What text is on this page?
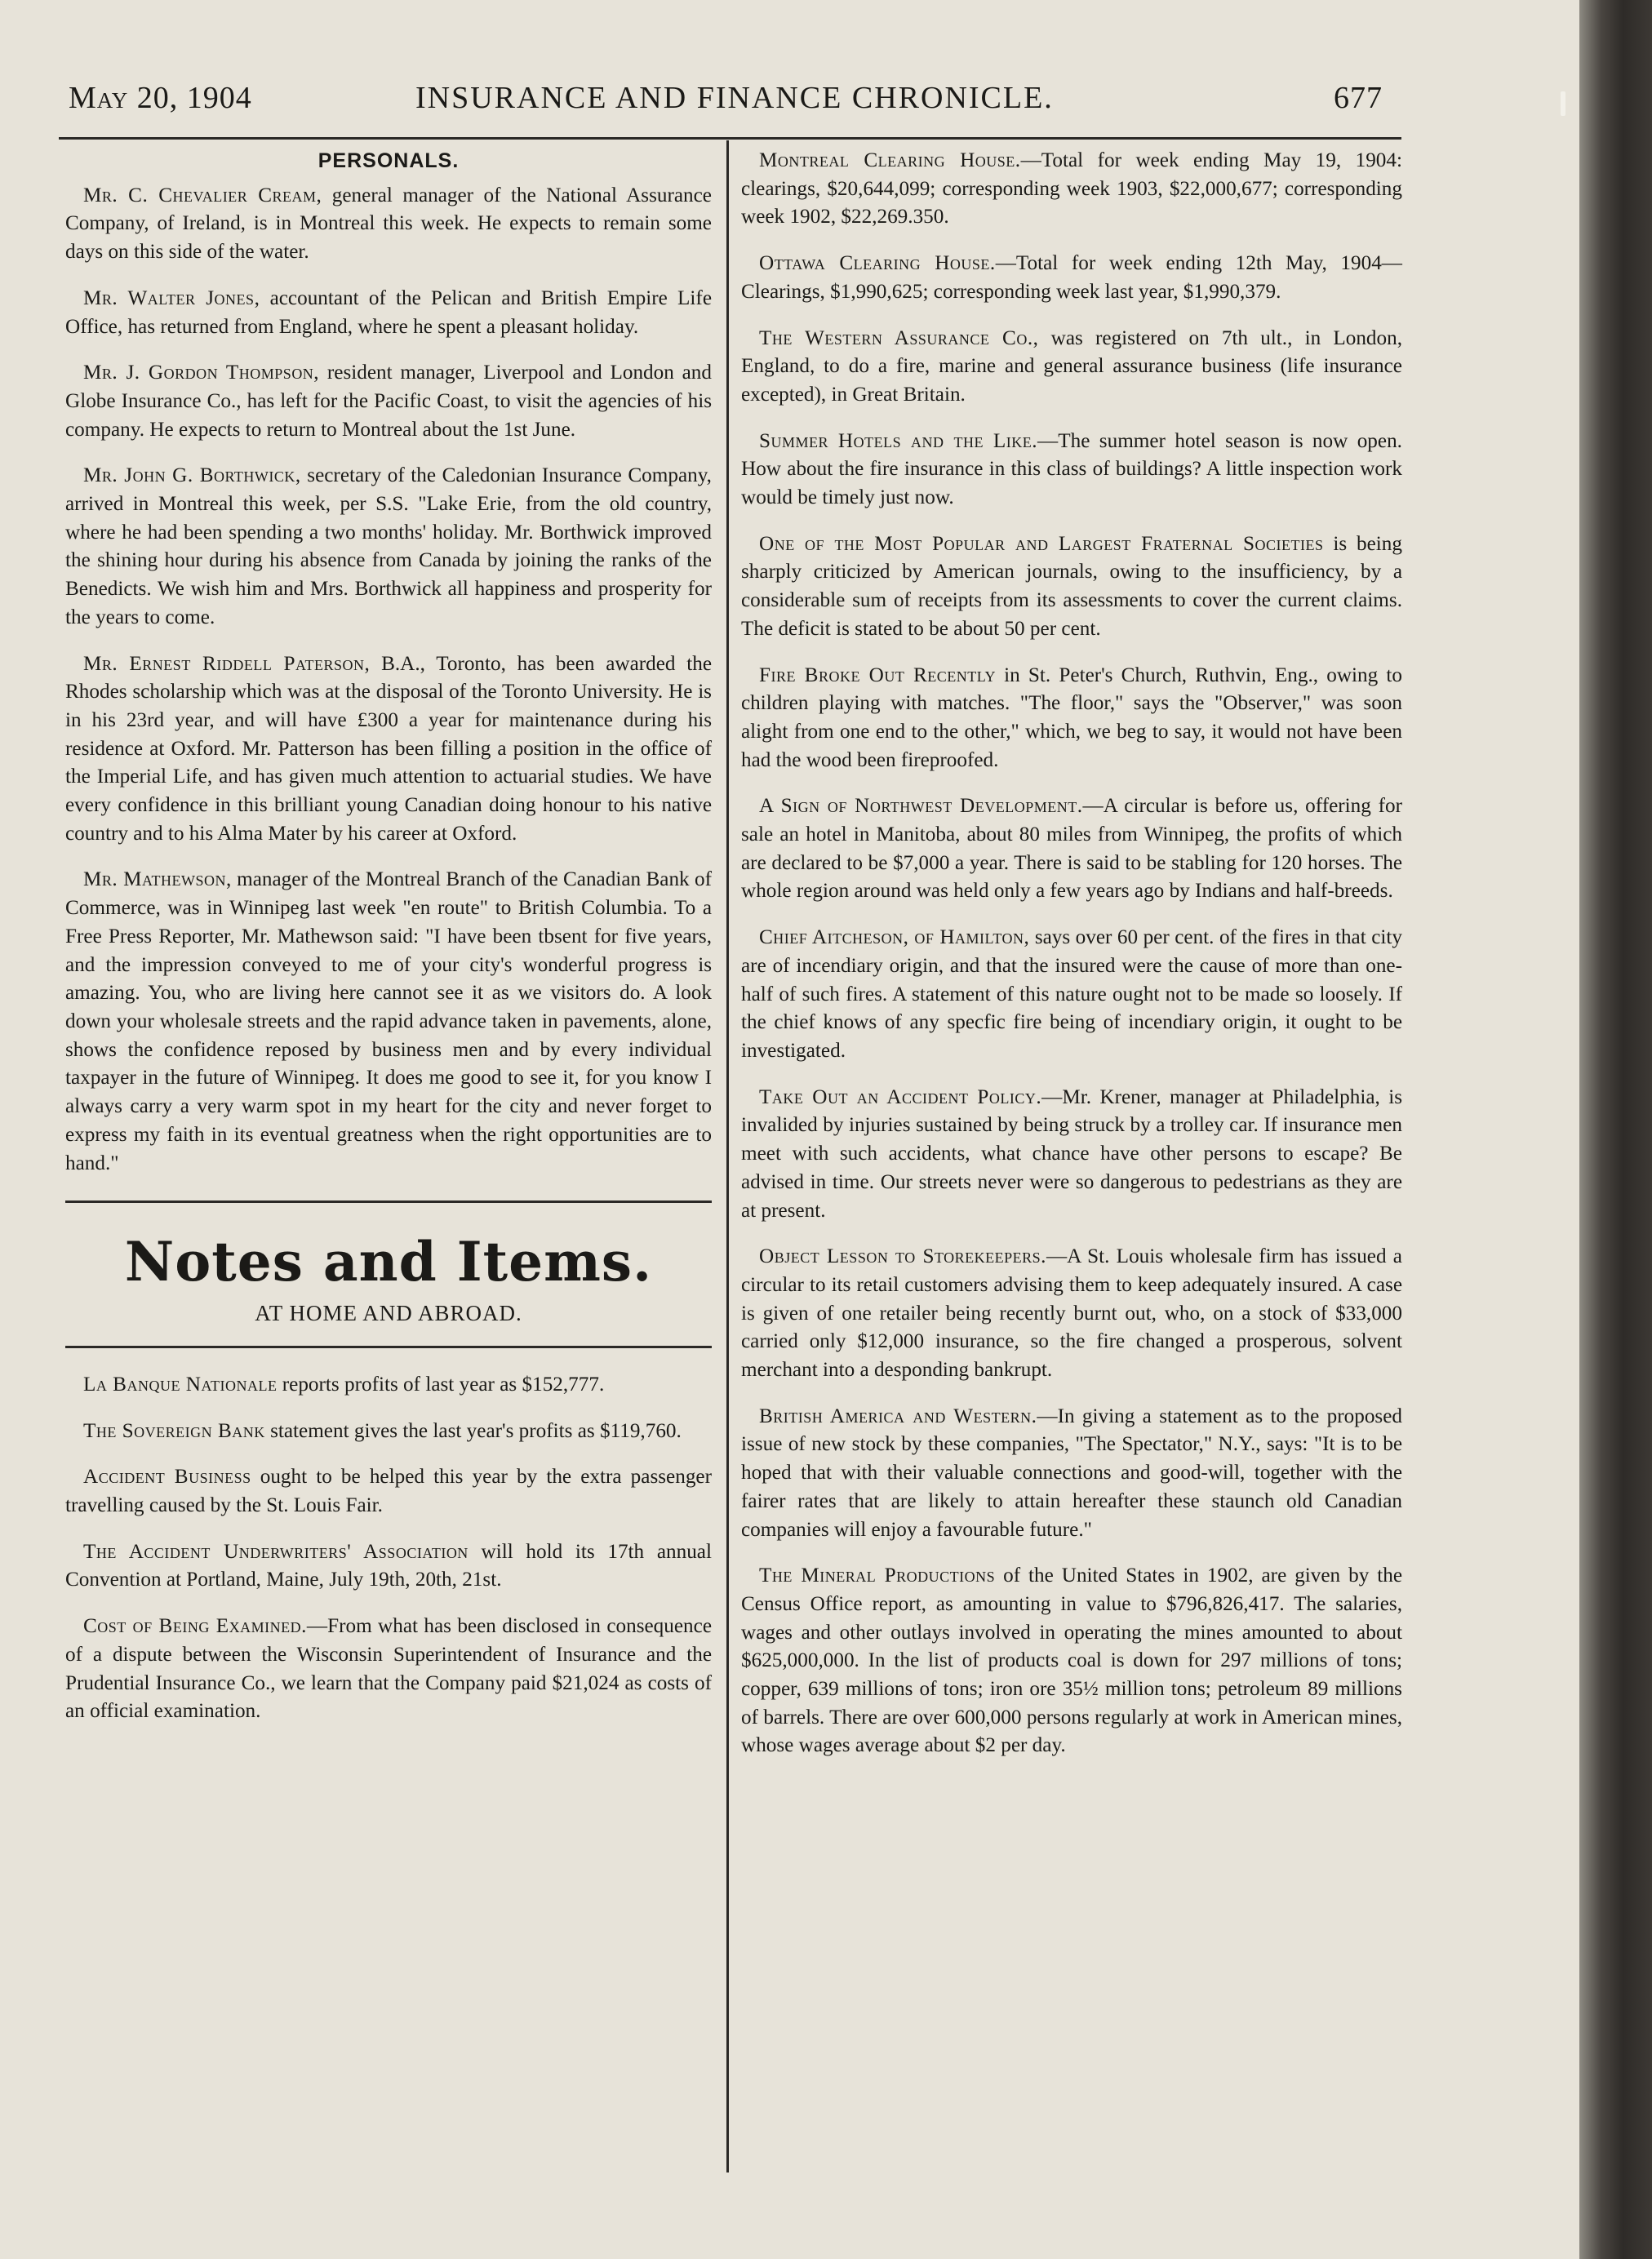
May 20, 1904	INSURANCE AND FINANCE CHRONICLE.	677
PERSONALS.

Mr. C. Chevalier Cream, general manager of the National Assurance Company, of Ireland, is in Montreal this week. He expects to remain some days on this side of the water.

Mr. Walter Jones, accountant of the Pelican and British Empire Life Office, has returned from England, where he spent a pleasant holiday.

Mr. J. Gordon Thompson, resident manager, Liverpool and London and Globe Insurance Co., has left for the Pacific Coast, to visit the agencies of his company. He expects to return to Montreal about the 1st June.

Mr. John G. Borthwick, secretary of the Caledonian Insurance Company, arrived in Montreal this week, per S.S. "Lake Erie, from the old country, where he had been spending a two months' holiday. Mr. Borthwick improved the shining hour during his absence from Canada by joining the ranks of the Benedicts. We wish him and Mrs. Borthwick all happiness and prosperity for the years to come.

Mr. Ernest Riddell Paterson, B.A., Toronto, has been awarded the Rhodes scholarship which was at the disposal of the Toronto University. He is in his 23rd year, and will have £300 a year for maintenance during his residence at Oxford. Mr. Patterson has been filling a position in the office of the Imperial Life, and has given much attention to actuarial studies. We have every confidence in this brilliant young Canadian doing honour to his native country and to his Alma Mater by his career at Oxford.

Mr. Mathewson, manager of the Montreal Branch of the Canadian Bank of Commerce, was in Winnipeg last week "en route" to British Columbia. To a Free Press Reporter, Mr. Mathewson said: "I have been tbsent for five years, and the impression conveyed to me of your city's wonderful progress is amazing. You, who are living here cannot see it as we visitors do. A look down your wholesale streets and the rapid advance taken in pavements, alone, shows the confidence reposed by business men and by every individual taxpayer in the future of Winnipeg. It does me good to see it, for you know I always carry a very warm spot in my heart for the city and never forget to express my faith in its eventual greatness when the right opportunities are to hand."

Notes and Items.
AT HOME AND ABROAD.

La Banque Nationale reports profits of last year as $152,777.

The Sovereign Bank statement gives the last year's profits as $119,760.

Accident Business ought to be helped this year by the extra passenger travelling caused by the St. Louis Fair.

The Accident Underwriters' Association will hold its 17th annual Convention at Portland, Maine, July 19th, 20th, 21st.

Cost of Being Examined.—From what has been disclosed in consequence of a dispute between the Wisconsin Superintendent of Insurance and the Prudential Insurance Co., we learn that the Company paid $21,024 as costs of an official examination.

Montreal Clearing House.—Total for week ending May 19, 1904: clearings, $20,644,099; corresponding week 1903, $22,000,677; corresponding week 1902, $22,269.350.

Ottawa Clearing House.—Total for week ending 12th May, 1904—Clearings, $1,990,625; corresponding week last year, $1,990,379.

The Western Assurance Co., was registered on 7th ult., in London, England, to do a fire, marine and general assurance business (life insurance excepted), in Great Britain.

Summer Hotels and the Like.—The summer hotel season is now open. How about the fire insurance in this class of buildings? A little inspection work would be timely just now.

One of the Most Popular and Largest Fraternal Societies is being sharply criticized by American journals, owing to the insufficiency, by a considerable sum of receipts from its assessments to cover the current claims. The deficit is stated to be about 50 per cent.

Fire Broke Out Recently in St. Peter's Church, Ruthvin, Eng., owing to children playing with matches. "The floor," says the "Observer," was soon alight from one end to the other," which, we beg to say, it would not have been had the wood been fireproofed.

A Sign of Northwest Development.—A circular is before us, offering for sale an hotel in Manitoba, about 80 miles from Winnipeg, the profits of which are declared to be $7,000 a year. There is said to be stabling for 120 horses. The whole region around was held only a few years ago by Indians and half-breeds.

Chief Aitcheson, of Hamilton, says over 60 per cent. of the fires in that city are of incendiary origin, and that the insured were the cause of more than one-half of such fires. A statement of this nature ought not to be made so loosely. If the chief knows of any specfic fire being of incendiary origin, it ought to be investigated.

Take Out an Accident Policy.—Mr. Krener, manager at Philadelphia, is invalided by injuries sustained by being struck by a trolley car. If insurance men meet with such accidents, what chance have other persons to escape? Be advised in time. Our streets never were so dangerous to pedestrians as they are at present.

Object Lesson to Storekeepers.—A St. Louis wholesale firm has issued a circular to its retail customers advising them to keep adequately insured. A case is given of one retailer being recently burnt out, who, on a stock of $33,000 carried only $12,000 insurance, so the fire changed a prosperous, solvent merchant into a desponding bankrupt.

British America and Western.—In giving a statement as to the proposed issue of new stock by these companies, "The Spectator," N.Y., says: "It is to be hoped that with their valuable connections and good-will, together with the fairer rates that are likely to attain hereafter these staunch old Canadian companies will enjoy a favourable future."

The Mineral Productions of the United States in 1902, are given by the Census Office report, as amounting in value to $796,826,417. The salaries, wages and other outlays involved in operating the mines amounted to about $625,000,000. In the list of products coal is down for 297 millions of tons; copper, 639 millions of tons; iron ore 35½ million tons; petroleum 89 millions of barrels. There are over 600,000 persons regularly at work in American mines, whose wages average about $2 per day.
